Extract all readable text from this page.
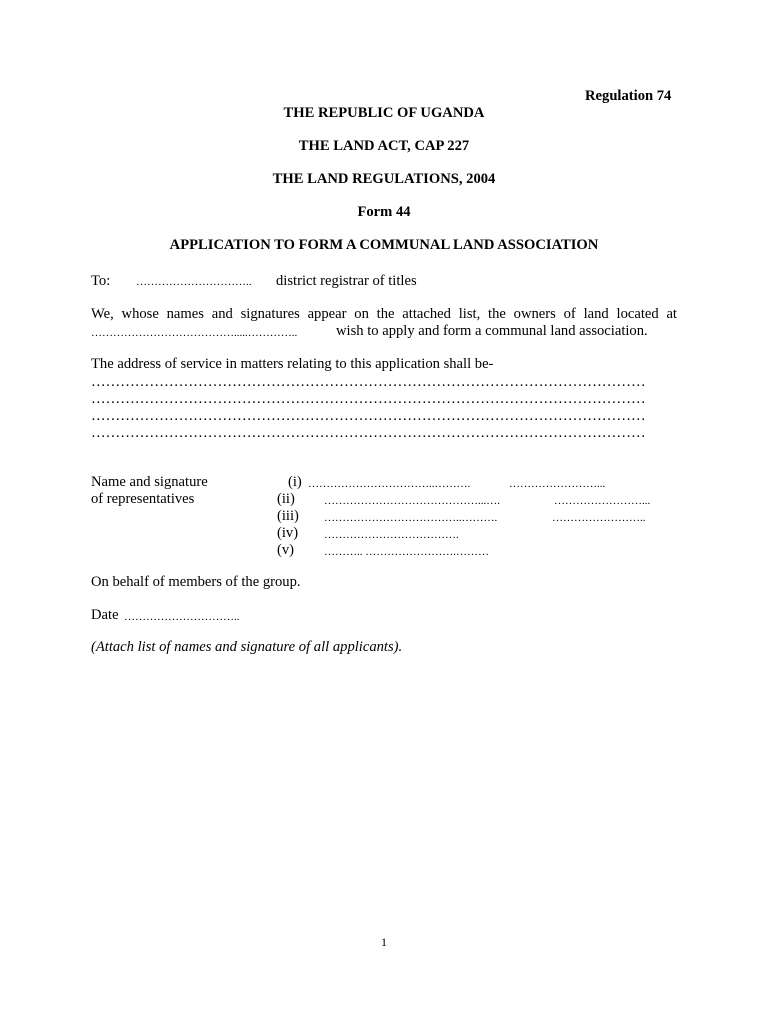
Regulation 74
THE REPUBLIC OF UGANDA
THE LAND ACT, CAP 227
THE LAND REGULATIONS, 2004
Form 44
APPLICATION TO FORM A COMMUNAL LAND ASSOCIATION
To: ………………………….. district registrar of titles
We, whose names and signatures appear on the attached list, the owners of land located at
………………………………….....…………..	wish to apply and form a communal land association.
The address of service in matters relating to this application shall be-
……………………………………………………………………………………………………
……………………………………………………………………………………………………
……………………………………………………………………………………………………
……………………………………………………………………………………………………
Name and signature
of representatives
(i) ……………………………..……….	……………………...
(ii)	……………………………………...….	……………………...
(iii) ………………………………..……….	……………………..
(iv) ……………………………….
(v)	……….. …………………….………
On behalf of members of the group.
Date …………………………..
(Attach list of names and signature of all applicants).
1
